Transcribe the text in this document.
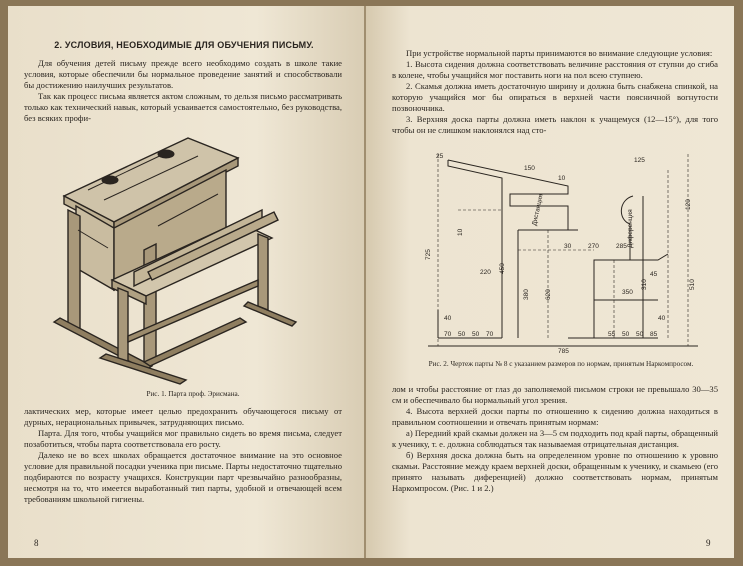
2. УСЛОВИЯ, НЕОБХОДИМЫЕ ДЛЯ ОБУЧЕНИЯ ПИСЬМУ.

Для обучения детей письму прежде всего необходимо создать в школе такие условия, которые обеспечили бы нормальное проведение занятий и способствовали бы достижению наилучших результатов.

Так как процесс письма является актом сложным, то дельзя письмо рассматривать только как технический навык, который усваивается самостоятельно, без руководства, без всяких профи-

Рис. 1. Парта проф. Эрисмана.

лактических мер, которые имеет целью предохранить обучающегося письму от дурных, нерациональных привычек, затрудняющих письмо.

Парта. Для того, чтобы учащийся мог правильно сидеть во время письма, следует позаботиться, чтобы парта соответствовала его росту.

Далеко не во всех школах обращается достаточное внимание на это основное условие для правильной посадки ученика при письме. Парты недостаточно тщательно подбираются по возрасту учащихся. Конструкции парт чрезвычайно разнообразны, несмотря на то, что имеется выработанный тип парты, удобной и отвечающей всем требованиям школьной гигиены.

8

При устройстве нормальной парты принимаются во внимание следующие условия:

1. Высота сидения должна соответствовать величине расстояния от ступни до сгиба в колене, чтобы учащийся мог поставить ноги на пол всею ступнею.

2. Скамья должна иметь достаточную ширину и должна быть снабжена спинкой, на которую учащийся мог бы опираться в верхней части поясничной вогнутости позвоночника.

3. Верхняя доска парты должна иметь наклон к учащемуся (12—15°), для того чтобы он не слишком наклонялся над сто-

25
150
10
125
120
725
10
220 450
380 620
30	270	285
310	510
45
350
40
40
70 50 50 70	55 50 50 85
785
Дистанция	Диференция
Рис. 2. Чертеж парты № 8 с указанием размеров по нормам, принятым Наркомпросом.

лом и чтобы расстояние от глаз до заполняемой письмом строки не превышало 30—35 см и обеспечивало бы нормальный угол зрения.

4. Высота верхней доски парты по отношению к сидению должна находиться в правильном соотношении и отвечать принятым нормам:

а) Передний край скамьи должен на 3—5 см подходить под край парты, обращенный к ученику, т. е. должна соблюдаться так называемая отрицательная дистанция.

б) Верхняя доска должна быть на определенном уровне по отношению к уровню скамьи. Расстояние между краем верхней доски, обращенным к ученику, и скамьею (его принято называть диференцией) должно соответствовать нормам, принятым Наркомпросом. (Рис. 1 и 2.)

9
